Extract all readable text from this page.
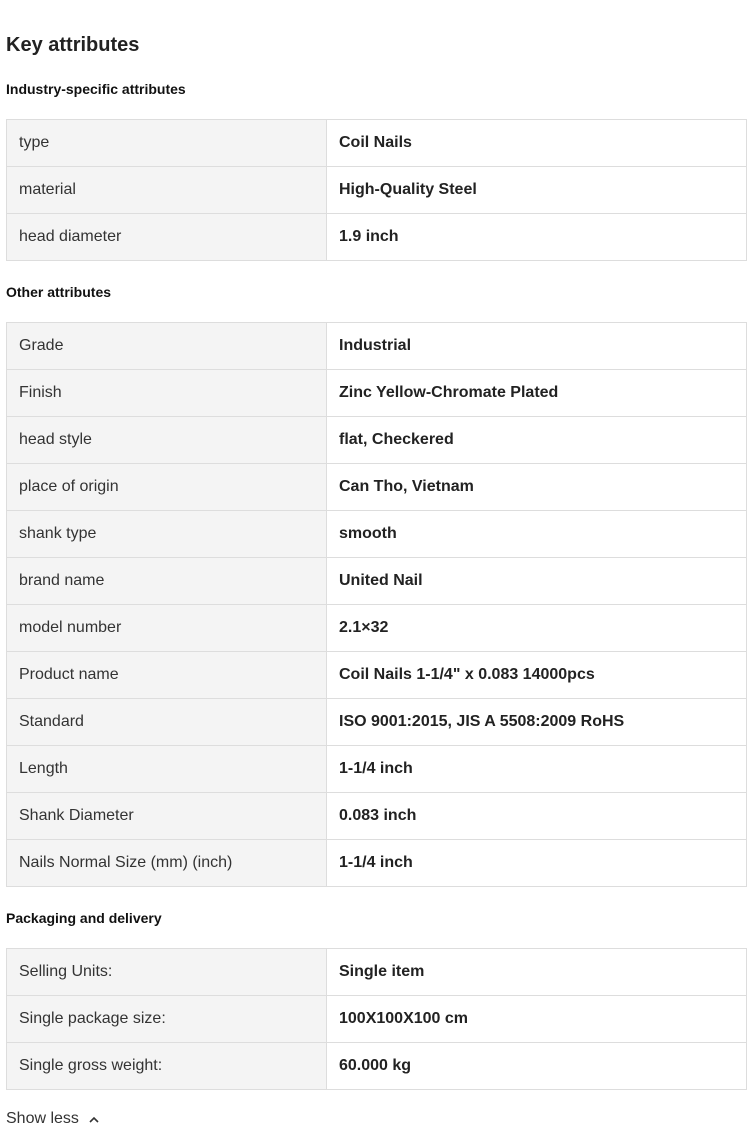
Key attributes
Industry-specific attributes
type	Coil Nails
material	High-Quality Steel
head diameter	1.9 inch
Other attributes
Grade	Industrial
Finish	Zinc Yellow-Chromate Plated
head style	flat, Checkered
place of origin	Can Tho, Vietnam
shank type	smooth
brand name	United Nail
model number	2.1×32
Product name	Coil Nails 1-1/4" x 0.083 14000pcs
Standard	ISO 9001:2015, JIS A 5508:2009 RoHS
Length	1-1/4 inch
Shank Diameter	0.083 inch
Nails Normal Size (mm) (inch)	1-1/4 inch
Packaging and delivery
Selling Units:	Single item
Single package size:	100X100X100 cm
Single gross weight:	60.000 kg
Show less
